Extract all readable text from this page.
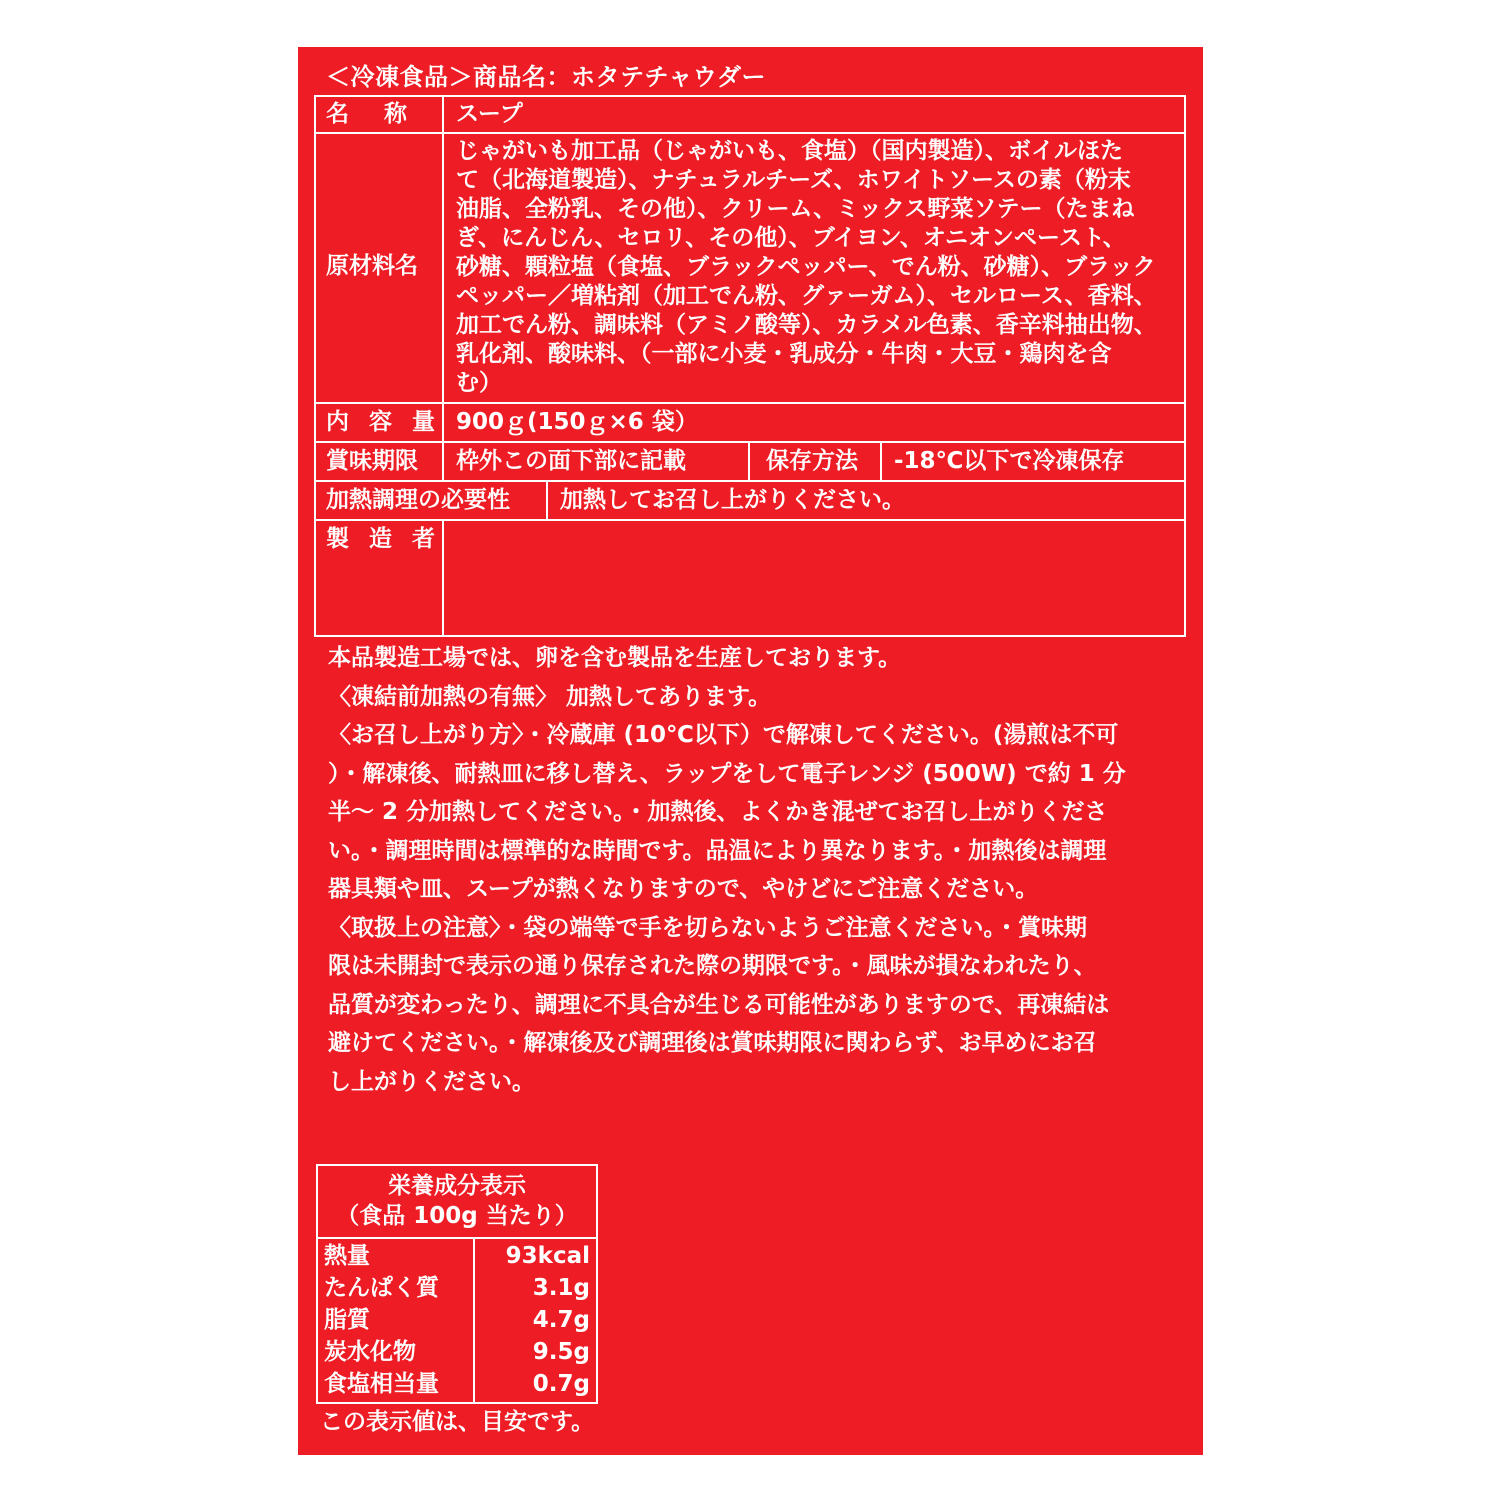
＜冷凍食品＞商品名：ホタテチャウダー
名　称 スープ
原材料名
じゃがいも加工品（じゃがいも、食塩）（国内製造）、ボイルほた
て（北海道製造）、ナチュラルチーズ、ホワイトソースの素（粉末
油脂、全粉乳、その他）、クリーム、ミックス野菜ソテー（たまね
ぎ、にんじん、セロリ、その他）、ブイヨン、オニオンペースト、
砂糖、顆粒塩（食塩、ブラックペッパー、でん粉、砂糖）、ブラック
ペッパー／増粘剤（加工でん粉、グァーガム）、セルロース、香料、
加工でん粉、調味料（アミノ酸等）、カラメル色素、香辛料抽出物、
乳化剤、酸味料、（一部に小麦・乳成分・牛肉・大豆・鶏肉を含
む）
内 容 量 900ｇ(150ｇ×6 袋）
賞味期限 枠外この面下部に記載	保存方法 -18℃以下で冷凍保存
加熱調理の必要性 加熱してお召し上がりください。
製 造 者
本品製造工場では、卵を含む製品を生産しております。
〈凍結前加熱の有無〉 加熱してあります。
〈お召し上がり方〉・冷蔵庫 (10℃以下）で解凍してください。(湯煎は不可
）・解凍後、耐熱皿に移し替え、ラップをして電子レンジ (500W) で約 1 分
半～ 2 分加熱してください。・加熱後、よくかき混ぜてお召し上がりくださ
い。・調理時間は標準的な時間です。品温により異なります。・加熱後は調理
器具類や皿、スープが熱くなりますので、やけどにご注意ください。
〈取扱上の注意〉・袋の端等で手を切らないようご注意ください。・賞味期
限は未開封で表示の通り保存された際の期限です。・風味が損なわれたり、
品質が変わったり、調理に不具合が生じる可能性がありますので、再凍結は
避けてください。・解凍後及び調理後は賞味期限に関わらず、お早めにお召
し上がりください。
栄養成分表示
（食品 100g 当たり）
熱量	93kcal
たんぱく質	3.1g
脂質	4.7g
炭水化物	9.5g
食塩相当量	0.7g
この表示値は、目安です。
